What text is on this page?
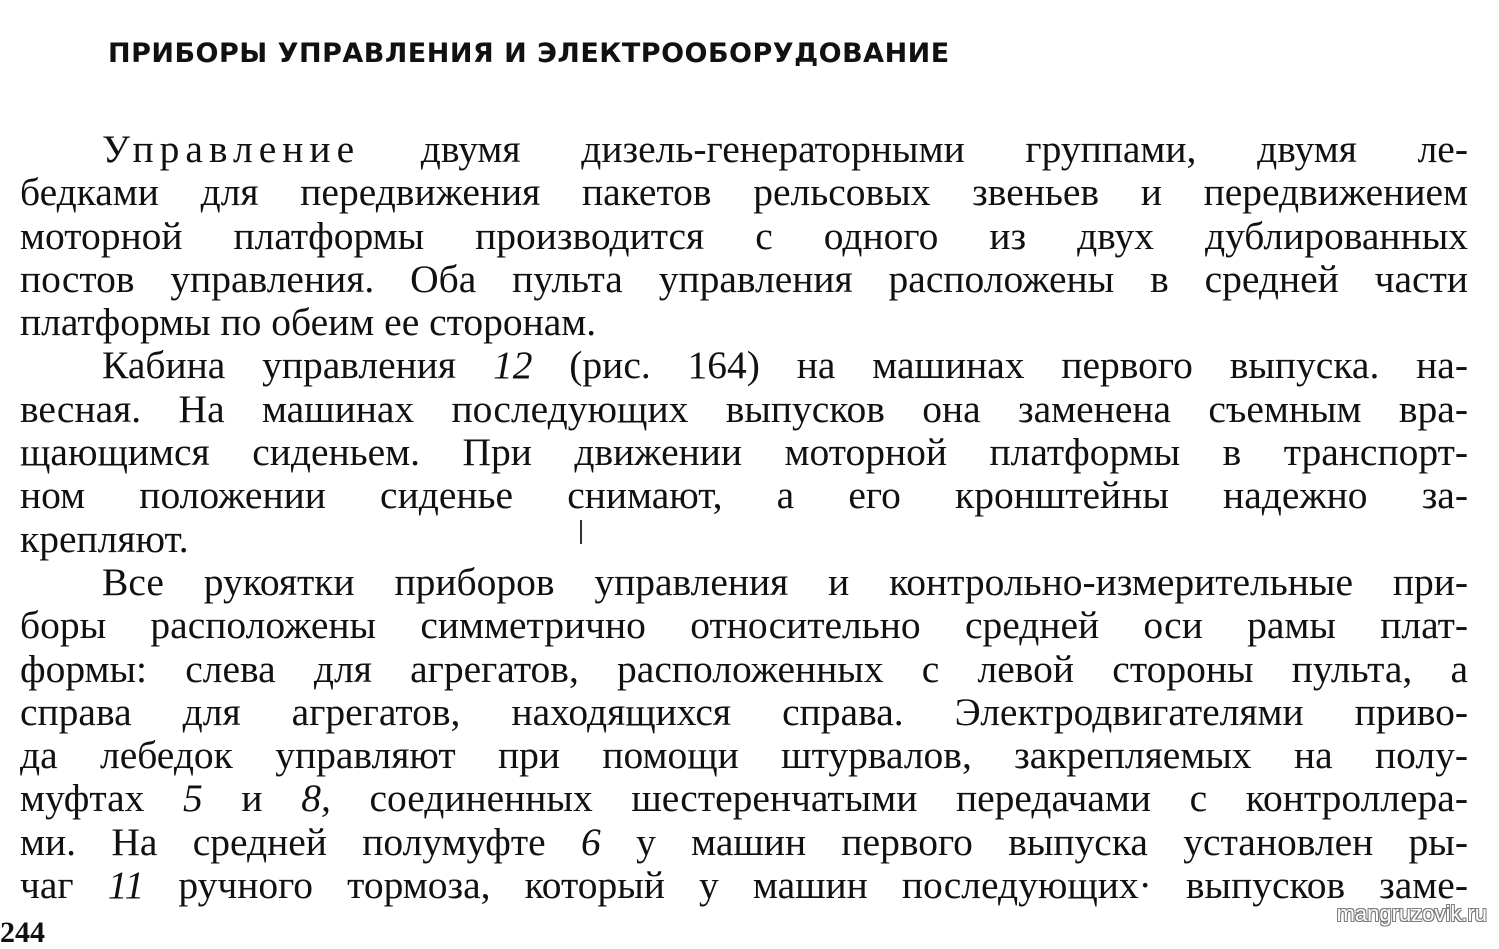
ПРИБОРЫ УПРАВЛЕНИЯ И ЭЛЕКТРООБОРУДОВАНИЕ
Управление двумя дизель-генераторными группами, двумя ле-
бедками для передвижения пакетов рельсовых звеньев и передвижением
моторной платформы производится с одного из двух дублированных
постов управления. Оба пульта управления расположены в средней части
платформы по обеим ее сторонам.
Кабина управления 12 (рис. 164) на машинах первого выпуска. на-
весная. На машинах последующих выпусков она заменена съемным вра-
щающимся сиденьем. При движении моторной платформы в транспорт-
ном положении сиденье снимают, а его кронштейны надежно за-
крепляют.
Все рукоятки приборов управления и контрольно-измерительные при-
боры расположены симметрично относительно средней оси рамы плат-
формы: слева для агрегатов, расположенных с левой стороны пульта, а
справа для агрегатов, находящихся справа. Электродвигателями приво-
да лебедок управляют при помощи штурвалов, закрепляемых на полу-
муфтах 5 и 8, соединенных шестеренчатыми передачами с контроллера-
ми. На средней полумуфте 6 у машин первого выпуска установлен ры-
чаг 11 ручного тормоза, который у машин последующих· выпусков заме-
244
mangruzovik.ru
